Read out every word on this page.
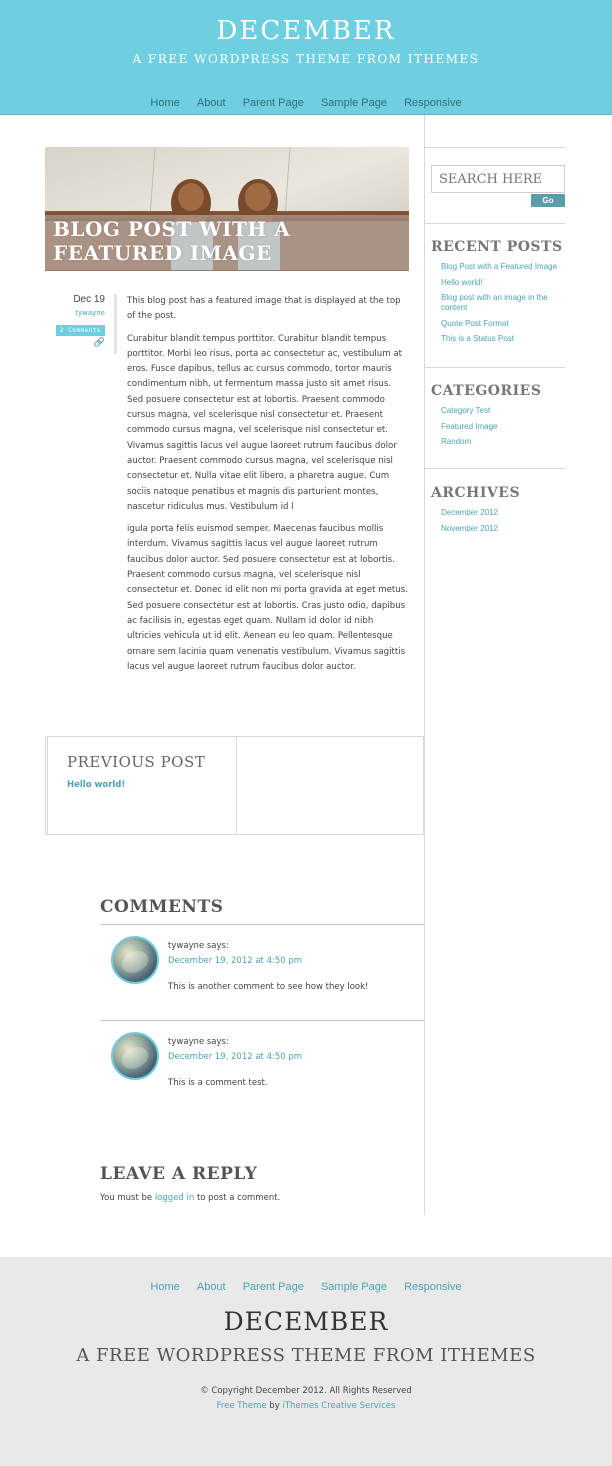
DECEMBER
A FREE WORDPRESS THEME FROM ITHEMES
Home About Parent Page Sample Page Responsive
BLOG POST WITH A FEATURED IMAGE
Dec 19
tywayne
2 Comments
🔗

This blog post has a featured image that is displayed at the top of the post.

Curabitur blandit tempus porttitor. Curabitur blandit tempus porttitor. Morbi leo risus, porta ac consectetur ac, vestibulum at eros. Fusce dapibus, tellus ac cursus commodo, tortor mauris condimentum nibh, ut fermentum massa justo sit amet risus. Sed posuere consectetur est at lobortis. Praesent commodo cursus magna, vel scelerisque nisl consectetur et. Praesent commodo cursus magna, vel scelerisque nisl consectetur et. Vivamus sagittis lacus vel augue laoreet rutrum faucibus dolor auctor. Praesent commodo cursus magna, vel scelerisque nisl consectetur et. Nulla vitae elit libero, a pharetra augue. Cum sociis natoque penatibus et magnis dis parturient montes, nascetur ridiculus mus. Vestibulum id l

igula porta felis euismod semper. Maecenas faucibus mollis interdum. Vivamus sagittis lacus vel augue laoreet rutrum faucibus dolor auctor. Sed posuere consectetur est at lobortis. Praesent commodo cursus magna, vel scelerisque nisl consectetur et. Donec id elit non mi porta gravida at eget metus. Sed posuere consectetur est at lobortis. Cras justo odio, dapibus ac facilisis in, egestas eget quam. Nullam id dolor id nibh ultricies vehicula ut id elit. Aenean eu leo quam. Pellentesque ornare sem lacinia quam venenatis vestibulum. Vivamus sagittis lacus vel augue laoreet rutrum faucibus dolor auctor.

PREVIOUS POST
Hello world!
COMMENTS
tywayne says:
December 19, 2012 at 4:50 pm
This is another comment to see how they look!
tywayne says:
December 19, 2012 at 4:50 pm
This is a comment test.
LEAVE A REPLY
You must be logged in to post a comment.
SEARCH HERE
Go
RECENT POSTS
Blog Post with a Featured Image
Hello world!
Blog post with an image in the content
Quote Post Format
This is a Status Post
CATEGORIES
Category Test
Featured Image
Random
ARCHIVES
December 2012
November 2012
Home About Parent Page Sample Page Responsive
DECEMBER
A FREE WORDPRESS THEME FROM ITHEMES
© Copyright December 2012. All Rights Reserved
Free Theme by iThemes Creative Services
